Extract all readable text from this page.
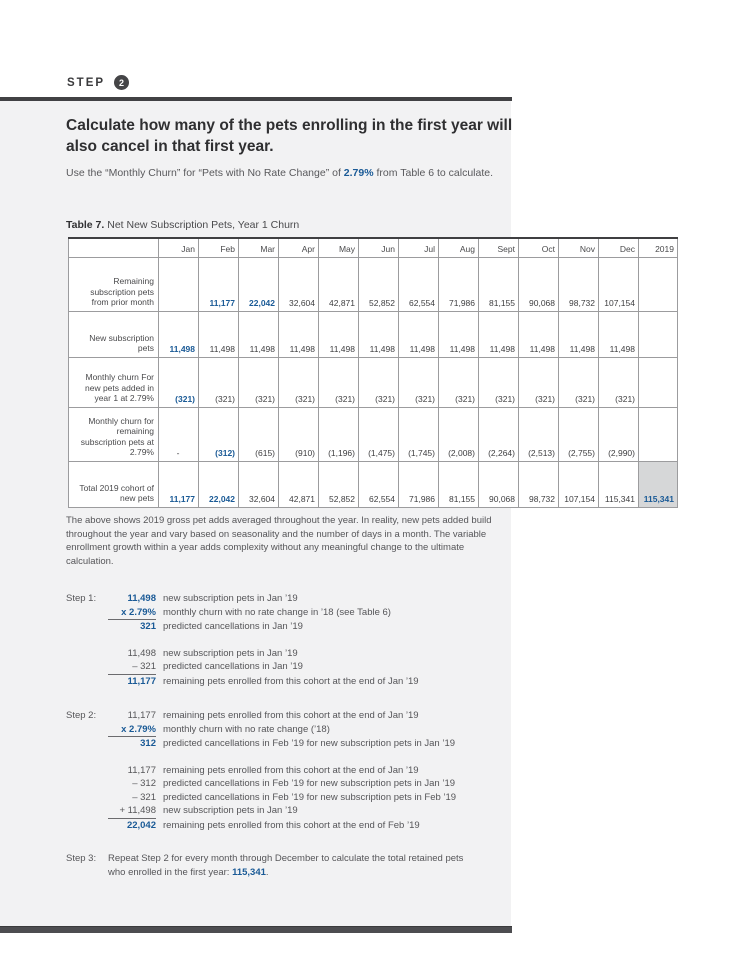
STEP 2
Calculate how many of the pets enrolling in the first year will also cancel in that first year.
Use the “Monthly Churn” for “Pets with No Rate Change” of 2.79% from Table 6 to calculate.
Table 7. Net New Subscription Pets, Year 1 Churn
	Jan	Feb	Mar	Apr	May	Jun	Jul	Aug	Sept	Oct	Nov	Dec	2019
Remaining subscription pets from prior month		11,177	22,042	32,604	42,871	52,852	62,554	71,986	81,155	90,068	98,732	107,154	
New subscription pets	11,498	11,498	11,498	11,498	11,498	11,498	11,498	11,498	11,498	11,498	11,498	11,498	
Monthly churn For new pets added in year 1 at 2.79%	(321)	(321)	(321)	(321)	(321)	(321)	(321)	(321)	(321)	(321)	(321)	(321)	
Monthly churn for remaining subscription pets at 2.79%	-	(312)	(615)	(910)	(1,196)	(1,475)	(1,745)	(2,008)	(2,264)	(2,513)	(2,755)	(2,990)	
Total 2019 cohort of new pets	11,177	22,042	32,604	42,871	52,852	62,554	71,986	81,155	90,068	98,732	107,154	115,341	115,341
The above shows 2019 gross pet adds averaged throughout the year. In reality, new pets added build throughout the year and vary based on seasonality and the number of days in a month. The variable enrollment growth within a year adds complexity without any meaningful change to the ultimate calculation.
Step 1:	11,498 new subscription pets in Jan ’19
x 2.79% monthly churn with no rate change in ’18 (see Table 6)
321 predicted cancellations in Jan ’19
11,498 new subscription pets in Jan ’19
– 321 predicted cancellations in Jan ’19
11,177 remaining pets enrolled from this cohort at the end of Jan ’19
Step 2:	11,177 remaining pets enrolled from this cohort at the end of Jan ’19
x 2.79% monthly churn with no rate change (’18)
312 predicted cancellations in Feb ’19 for new subscription pets in Jan ’19
11,177 remaining pets enrolled from this cohort at the end of Jan ’19
– 312 predicted cancellations in Feb ’19 for new subscription pets in Jan ’19
– 321 predicted cancellations in Feb ’19 for new subscription pets in Feb ’19
+ 11,498 new subscription pets in Jan ’19
22,042 remaining pets enrolled from this cohort at the end of Feb ’19
Step 3:	Repeat Step 2 for every month through December to calculate the total retained pets who enrolled in the first year: 115,341.
